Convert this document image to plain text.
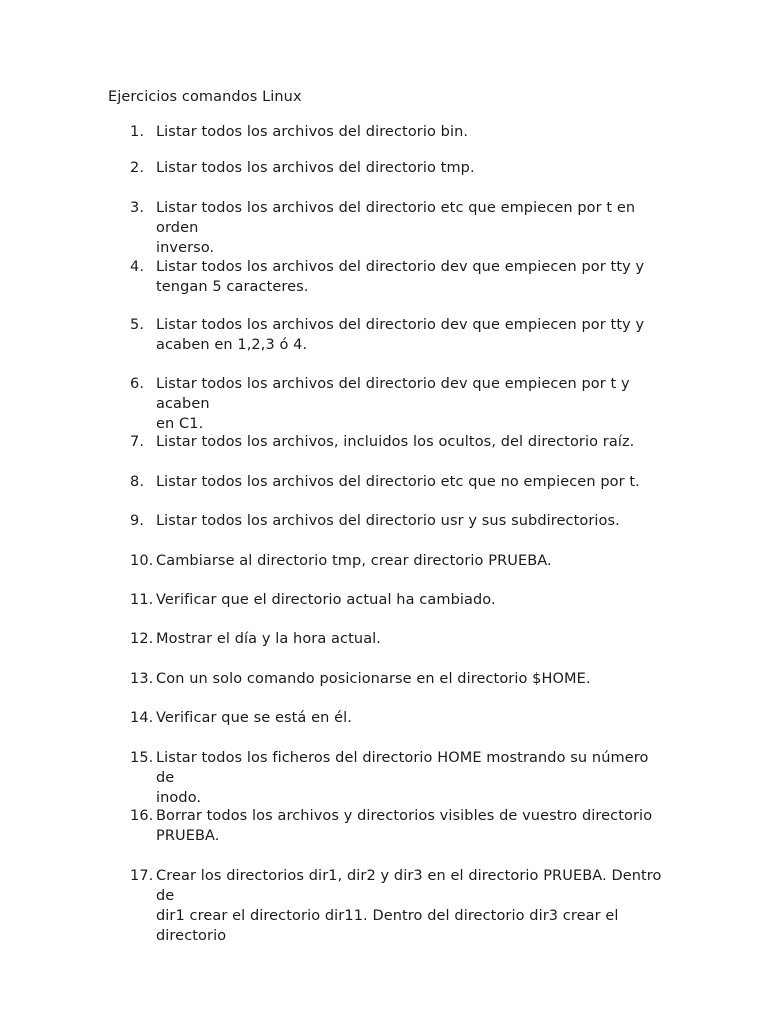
Ejercicios comandos Linux
1. Listar todos los archivos del directorio bin.
2. Listar todos los archivos del directorio tmp.
3. Listar todos los archivos del directorio etc que empiecen por t en orden
inverso.
4. Listar todos los archivos del directorio dev que empiecen por tty y
tengan 5 caracteres.
5. Listar todos los archivos del directorio dev que empiecen por tty y
acaben en 1,2,3 ó 4.
6. Listar todos los archivos del directorio dev que empiecen por t y acaben
en C1.
7. Listar todos los archivos, incluidos los ocultos, del directorio raíz.
8. Listar todos los archivos del directorio etc que no empiecen por t.
9. Listar todos los archivos del directorio usr y sus subdirectorios.
10. Cambiarse al directorio tmp, crear directorio PRUEBA.
11. Verificar que el directorio actual ha cambiado.
12. Mostrar el día y la hora actual.
13. Con un solo comando posicionarse en el directorio $HOME.
14. Verificar que se está en él.
15. Listar todos los ficheros del directorio HOME mostrando su número de
inodo.
16. Borrar todos los archivos y directorios visibles de vuestro directorio
PRUEBA.
17. Crear los directorios dir1, dir2 y dir3 en el directorio PRUEBA. Dentro de
dir1 crear el directorio dir11. Dentro del directorio dir3 crear el directorio
